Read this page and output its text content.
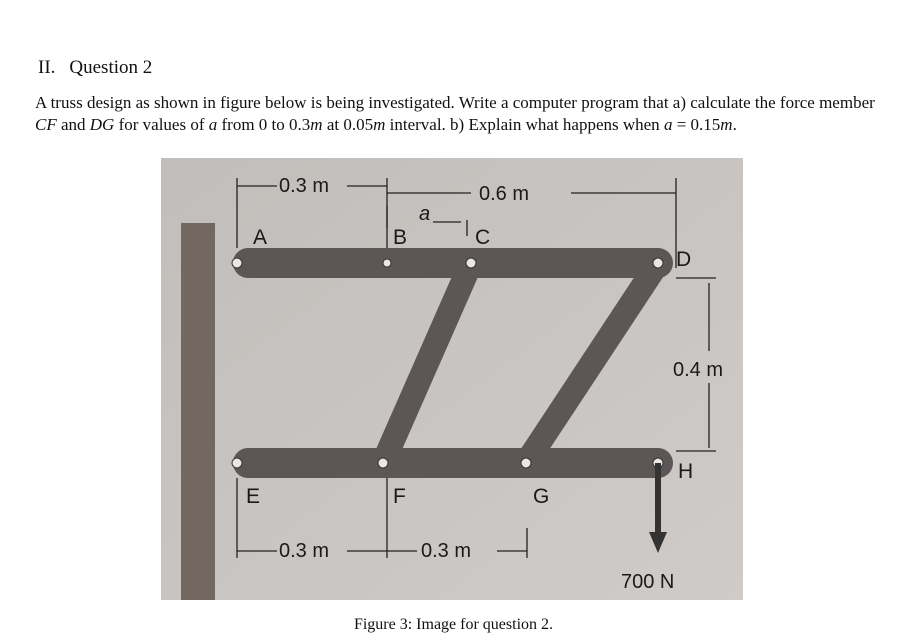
II. Question 2
A truss design as shown in figure below is being investigated. Write a computer program that a) calculate the force member CF and DG for values of a from 0 to 0.3m at 0.05m interval. b) Explain what happens when a = 0.15m.
0.3 m	0.6 m
a
0.4 m
0.3 m	0.3 m
700 N
A	B	C
D
E	F	G
H
Figure 3: Image for question 2.
